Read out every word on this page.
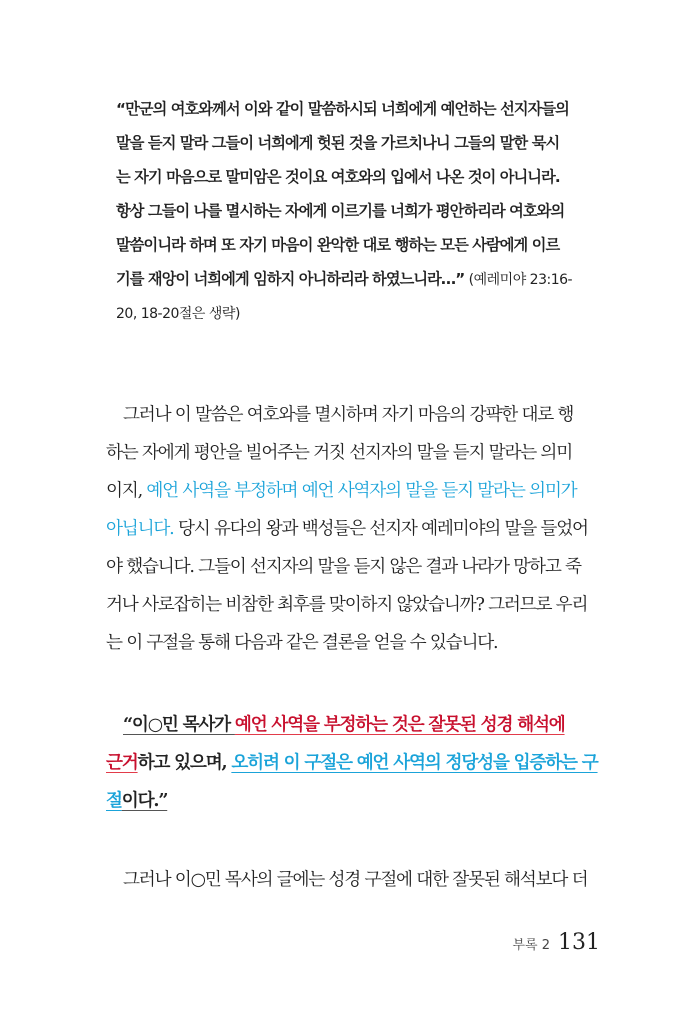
“만군의 여호와께서 이와 같이 말씀하시되 너희에게 예언하는 선지자들의
말을 듣지 말라 그들이 너희에게 헛된 것을 가르치나니 그들의 말한 묵시
는 자기 마음으로 말미암은 것이요 여호와의 입에서 나온 것이 아니니라.
항상 그들이 나를 멸시하는 자에게 이르기를 너희가 평안하리라 여호와의
말씀이니라 하며 또 자기 마음이 완악한 대로 행하는 모든 사람에게 이르
기를 재앙이 너희에게 임하지 아니하리라 하였느니라…” (예레미야 23:16-
20, 18-20절은 생략)
그러나 이 말씀은 여호와를 멸시하며 자기 마음의 강퍅한 대로 행
하는 자에게 평안을 빌어주는 거짓 선지자의 말을 듣지 말라는 의미
이지, 예언 사역을 부정하며 예언 사역자의 말을 듣지 말라는 의미가
아닙니다. 당시 유다의 왕과 백성들은 선지자 예레미야의 말을 들었어
야 했습니다. 그들이 선지자의 말을 듣지 않은 결과 나라가 망하고 죽
거나 사로잡히는 비참한 최후를 맞이하지 않았습니까? 그러므로 우리
는 이 구절을 통해 다음과 같은 결론을 얻을 수 있습니다.
“이○민 목사가 예언 사역을 부정하는 것은 잘못된 성경 해석에
근거하고 있으며, 오히려 이 구절은 예언 사역의 정당성을 입증하는 구
절이다.”
그러나 이○민 목사의 글에는 성경 구절에 대한 잘못된 해석보다 더
부록 2 131
